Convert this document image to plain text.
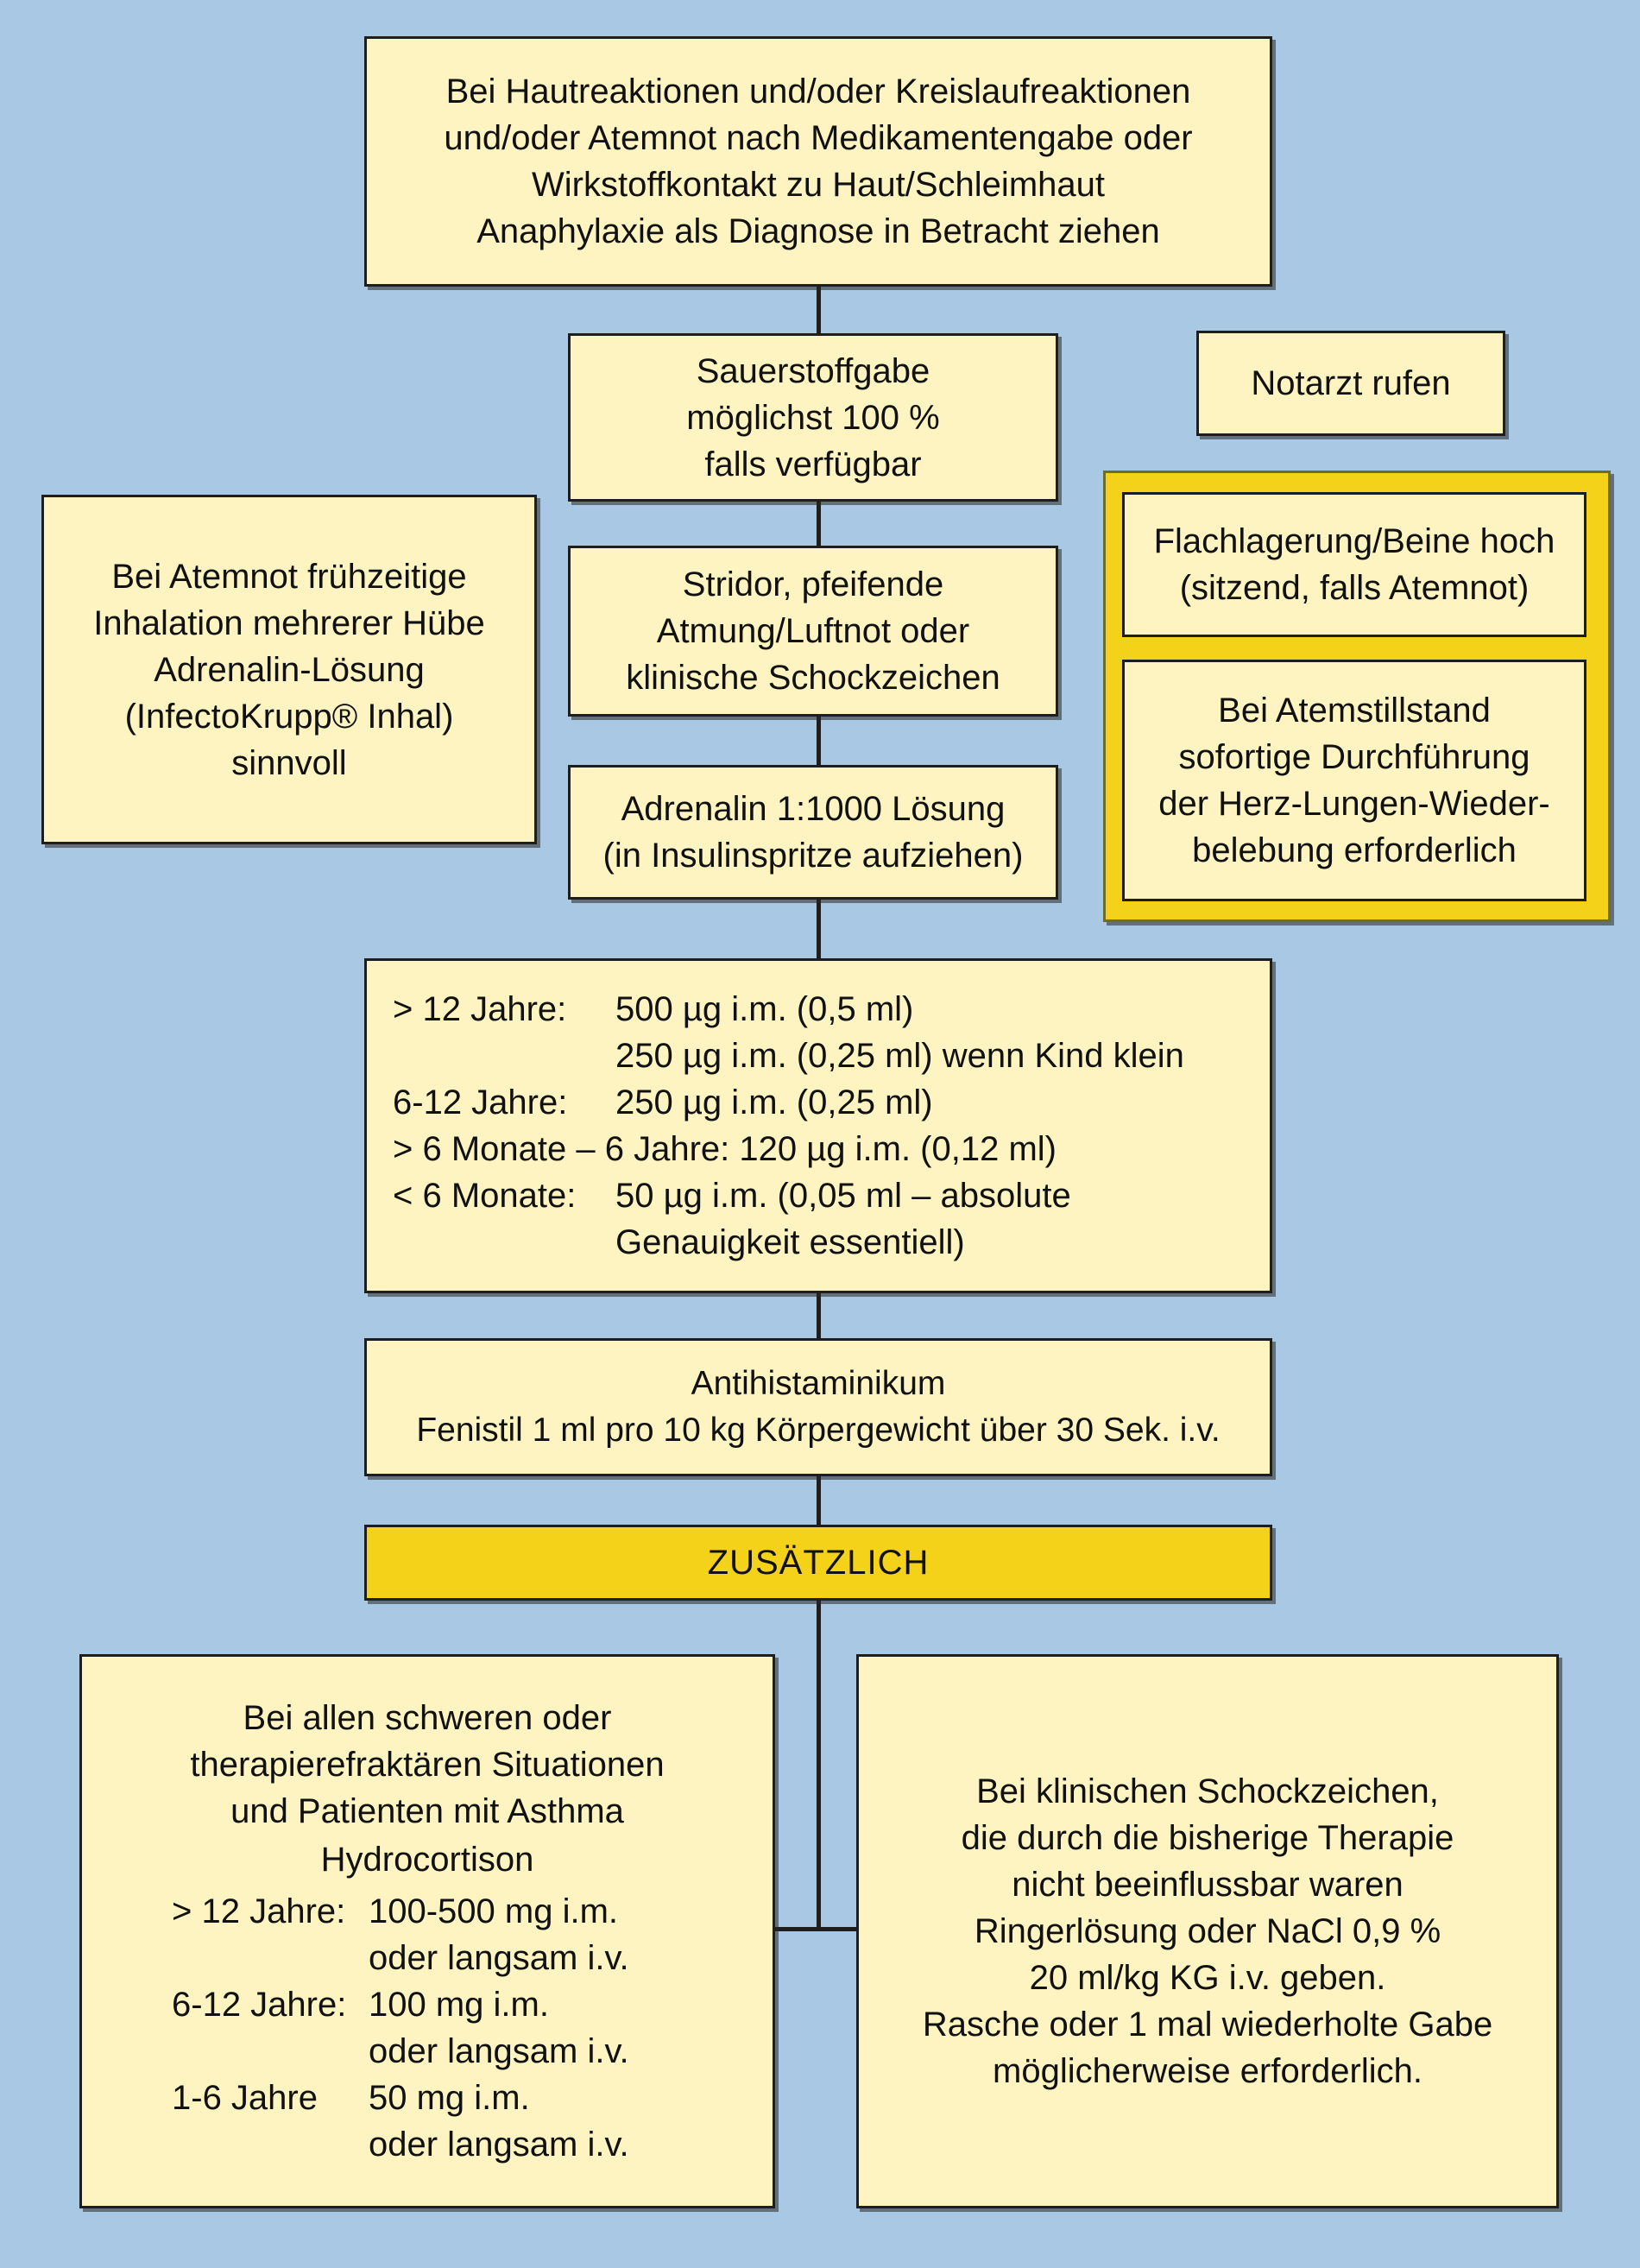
Bei Hautreaktionen und/oder Kreislaufreaktionen
und/oder Atemnot nach Medikamentengabe oder
Wirkstoffkontakt zu Haut/Schleimhaut
Anaphylaxie als Diagnose in Betracht ziehen
Sauerstoffgabe
möglichst 100 %
falls verfügbar
Notarzt rufen
Bei Atemnot frühzeitige
Inhalation mehrerer Hübe
Adrenalin-Lösung
(InfectoKrupp® Inhal)
sinnvoll
Stridor, pfeifende
Atmung/Luftnot oder
klinische Schockzeichen
Flachlagerung/Beine hoch
(sitzend, falls Atemnot)
Bei Atemstillstand
sofortige Durchführung
der Herz-Lungen-Wieder-
belebung erforderlich
Adrenalin 1:1000 Lösung
(in Insulinspritze aufziehen)
> 12 Jahre:	500 µg i.m. (0,5 ml)
250 µg i.m. (0,25 ml) wenn Kind klein
6-12 Jahre:	250 µg i.m. (0,25 ml)
> 6 Monate – 6 Jahre: 120 µg i.m. (0,12 ml)
< 6 Monate:	50 µg i.m. (0,05 ml – absolute
Genauigkeit essentiell)
Antihistaminikum
Fenistil 1 ml pro 10 kg Körpergewicht über 30 Sek. i.v.
ZUSÄTZLICH
Bei allen schweren oder
therapierefraktären Situationen
und Patienten mit Asthma
Hydrocortison
> 12 Jahre: 100-500 mg i.m.
oder langsam i.v.
6-12 Jahre: 100 mg i.m.
oder langsam i.v.
1-6 Jahre	50 mg i.m.
oder langsam i.v.
Bei klinischen Schockzeichen,
die durch die bisherige Therapie
nicht beeinflussbar waren
Ringerlösung oder NaCl 0,9 %
20 ml/kg KG i.v. geben.
Rasche oder 1 mal wiederholte Gabe
möglicherweise erforderlich.
